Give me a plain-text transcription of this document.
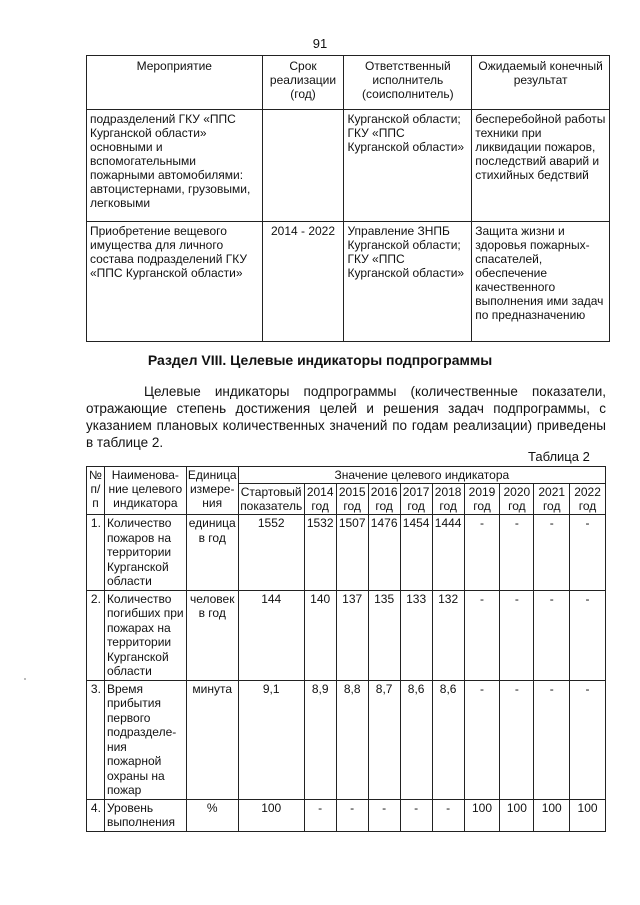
91
Мероприятие	Срок реализации (год)	Ответственный исполнитель (соисполнитель)	Ожидаемый конечный результат
подразделений ГКУ «ППС Курганской области» основными и вспомогательными пожарными автомобилями: автоцистернами, грузовыми, легковыми		Курганской области; ГКУ «ППС Курганской области»	бесперебойной работы техники при ликвидации пожаров, последствий аварий и стихийных бедствий
Приобретение вещевого имущества для личного состава подразделений ГКУ «ППС Курганской области»	2014 - 2022	Управление ЗНПБ Курганской области; ГКУ «ППС Курганской области»	Защита жизни и здоровья пожарных-спасателей, обеспечение качественного выполнения ими задач по предназначению
Раздел VIII. Целевые индикаторы подпрограммы

Целевые индикаторы подпрограммы (количественные показатели, отражающие степень достижения целей и решения задач подпрограммы, с указанием плановых количественных значений по годам реализации) приведены в таблице 2.

Таблица 2
№ п/п	Наименова-ние целевого индикатора	Единица измере-ния	Значение целевого индикатора									
			Стартовый показатель	2014 год	2015 год	2016 год	2017 год	2018 год	2019 год	2020 год	2021 год	2022 год
1.	Количество пожаров на территории Курганской области	единица в год	1552	1532	1507	1476	1454	1444	-	-	-	-
2.	Количество погибших при пожарах на территории Курганской области	человек в год	144	140	137	135	133	132	-	-	-	-
3.	Время прибытия первого подразделе-ния пожарной охраны на пожар	минута	9,1	8,9	8,8	8,7	8,6	8,6	-	-	-	-
4.	Уровень выполнения	%	100	-	-	-	-	-	100	100	100	100
